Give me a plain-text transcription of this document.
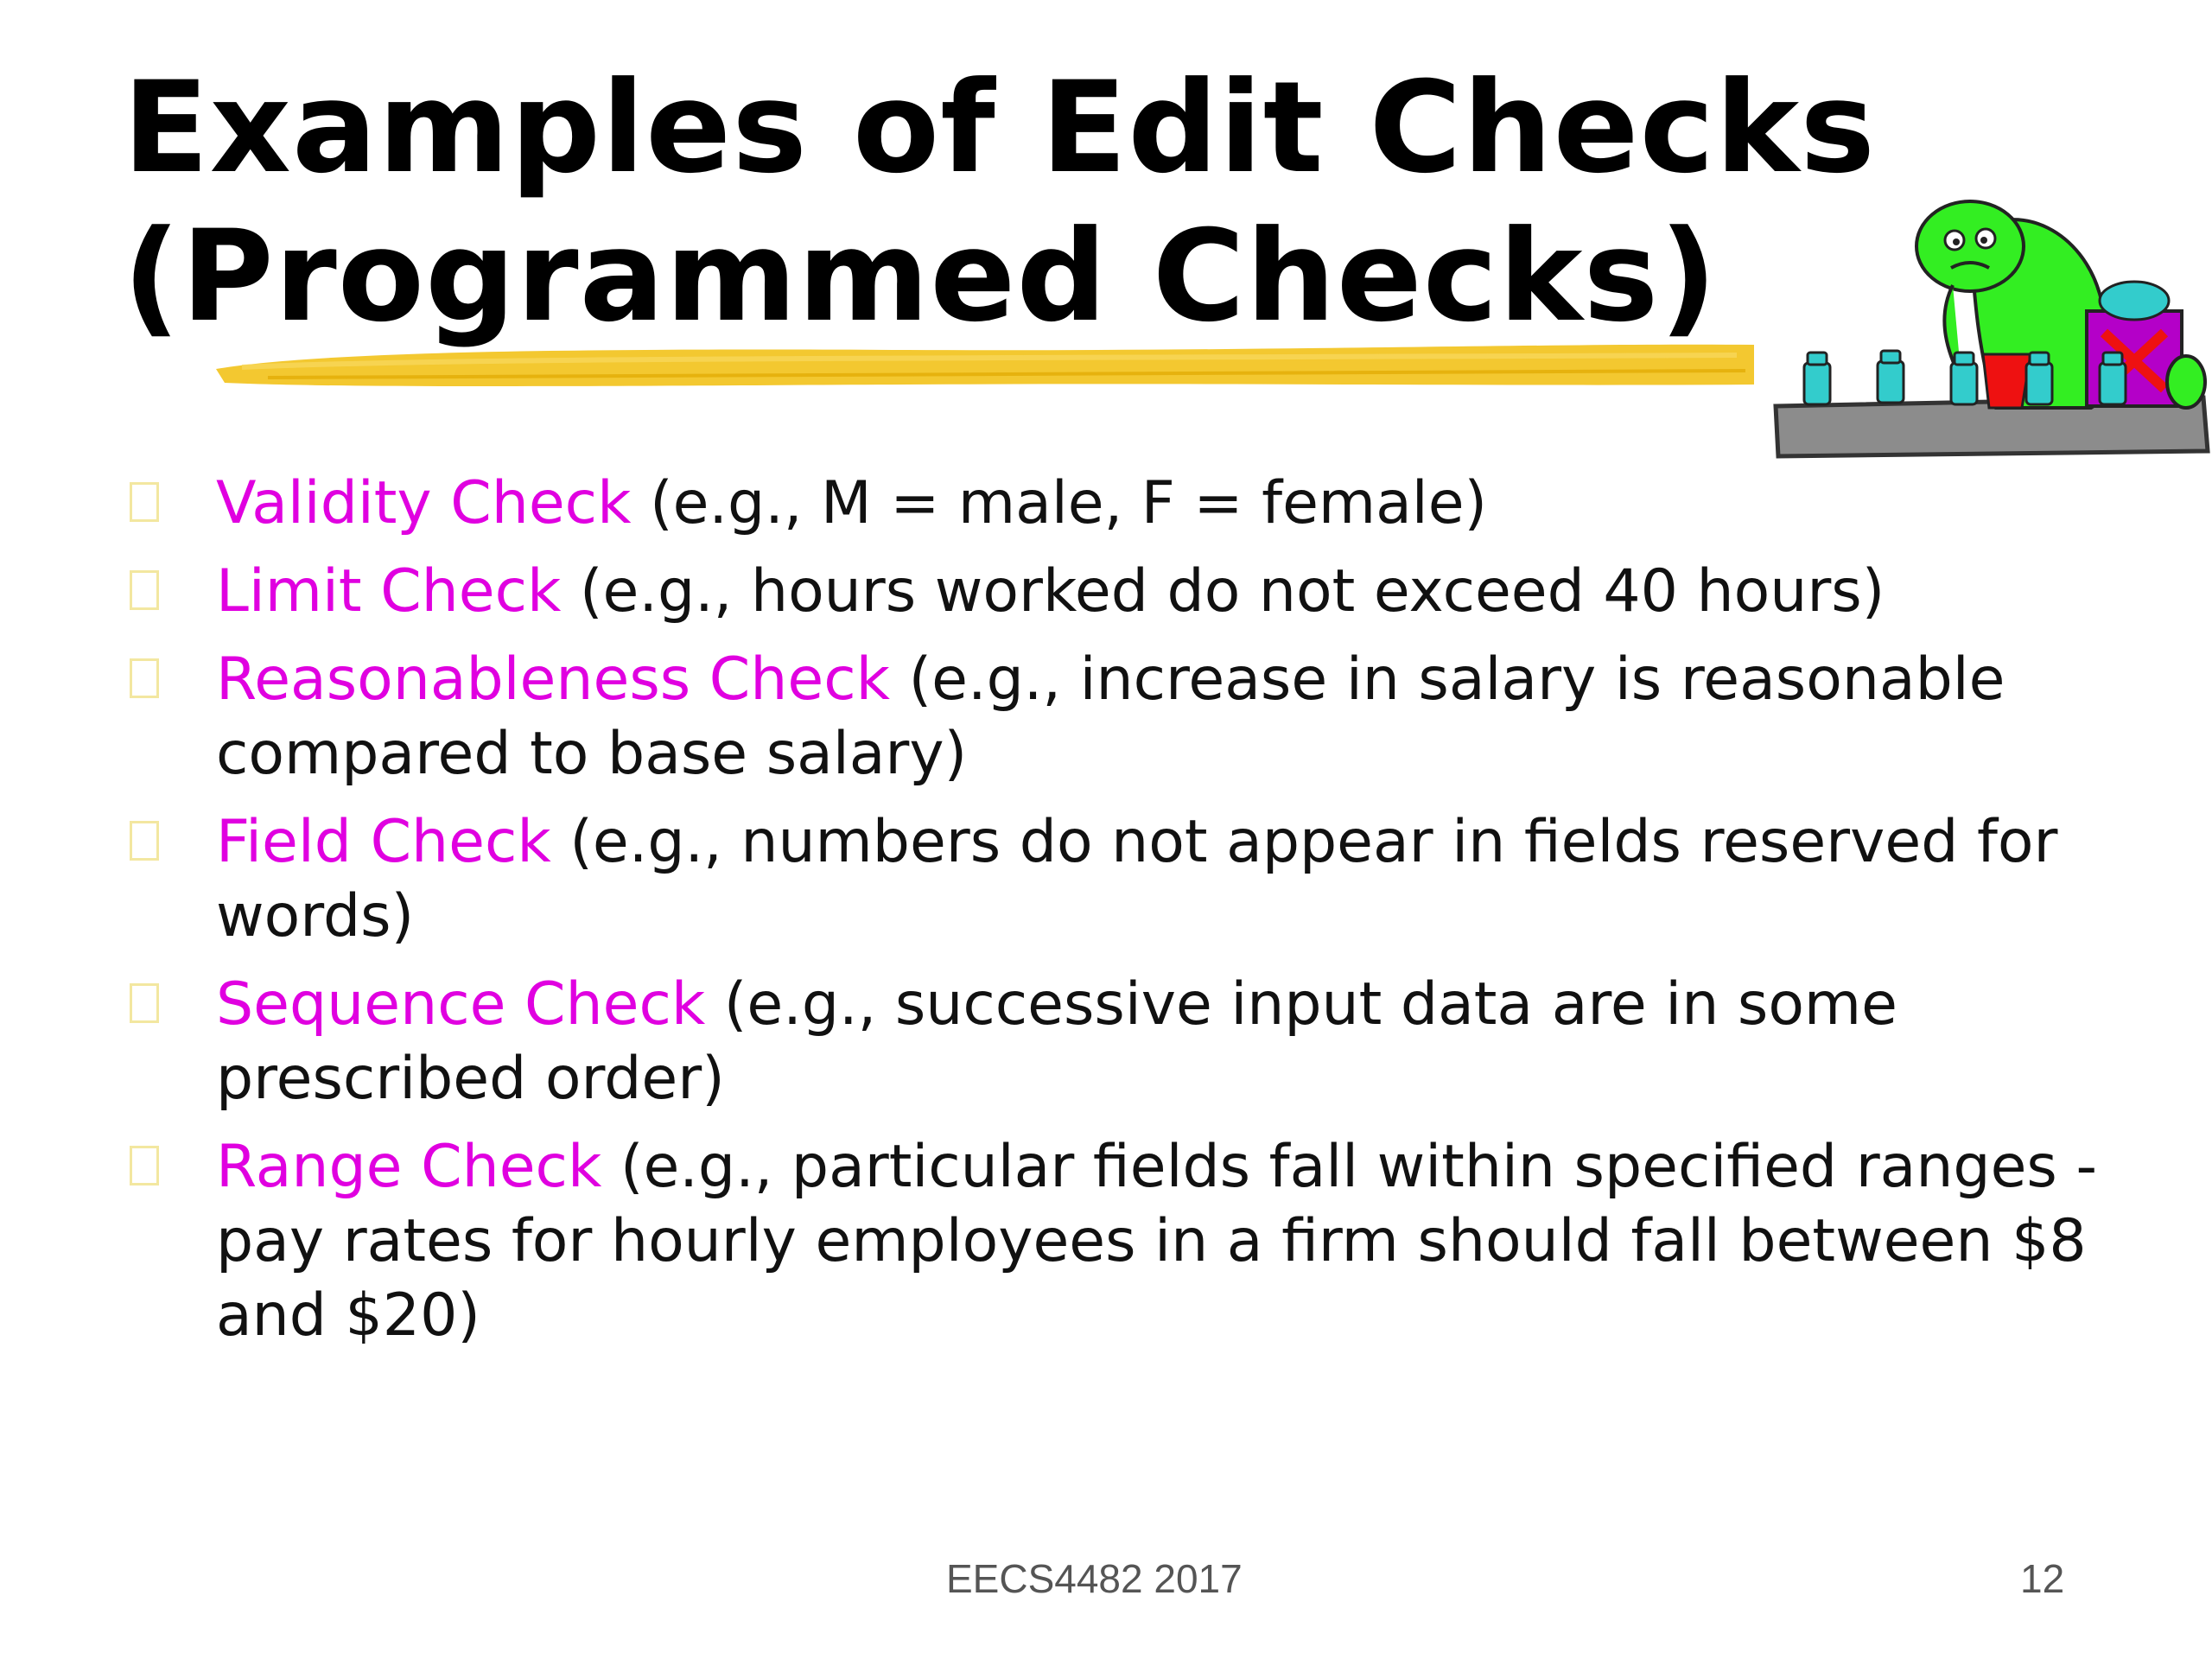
Examples of Edit Checks
(Programmed Checks)
Validity Check (e.g., M = male, F = female)
Limit Check (e.g., hours worked do not exceed 40 hours)
Reasonableness Check (e.g., increase in salary is reasonable compared to base salary)
Field Check (e.g., numbers do not appear in fields reserved for words)
Sequence Check (e.g., successive input data are in some prescribed order)
Range Check (e.g., particular fields fall within specified ranges - pay rates for hourly employees in a firm should fall between $8 and $20)
EECS4482 2017	12
